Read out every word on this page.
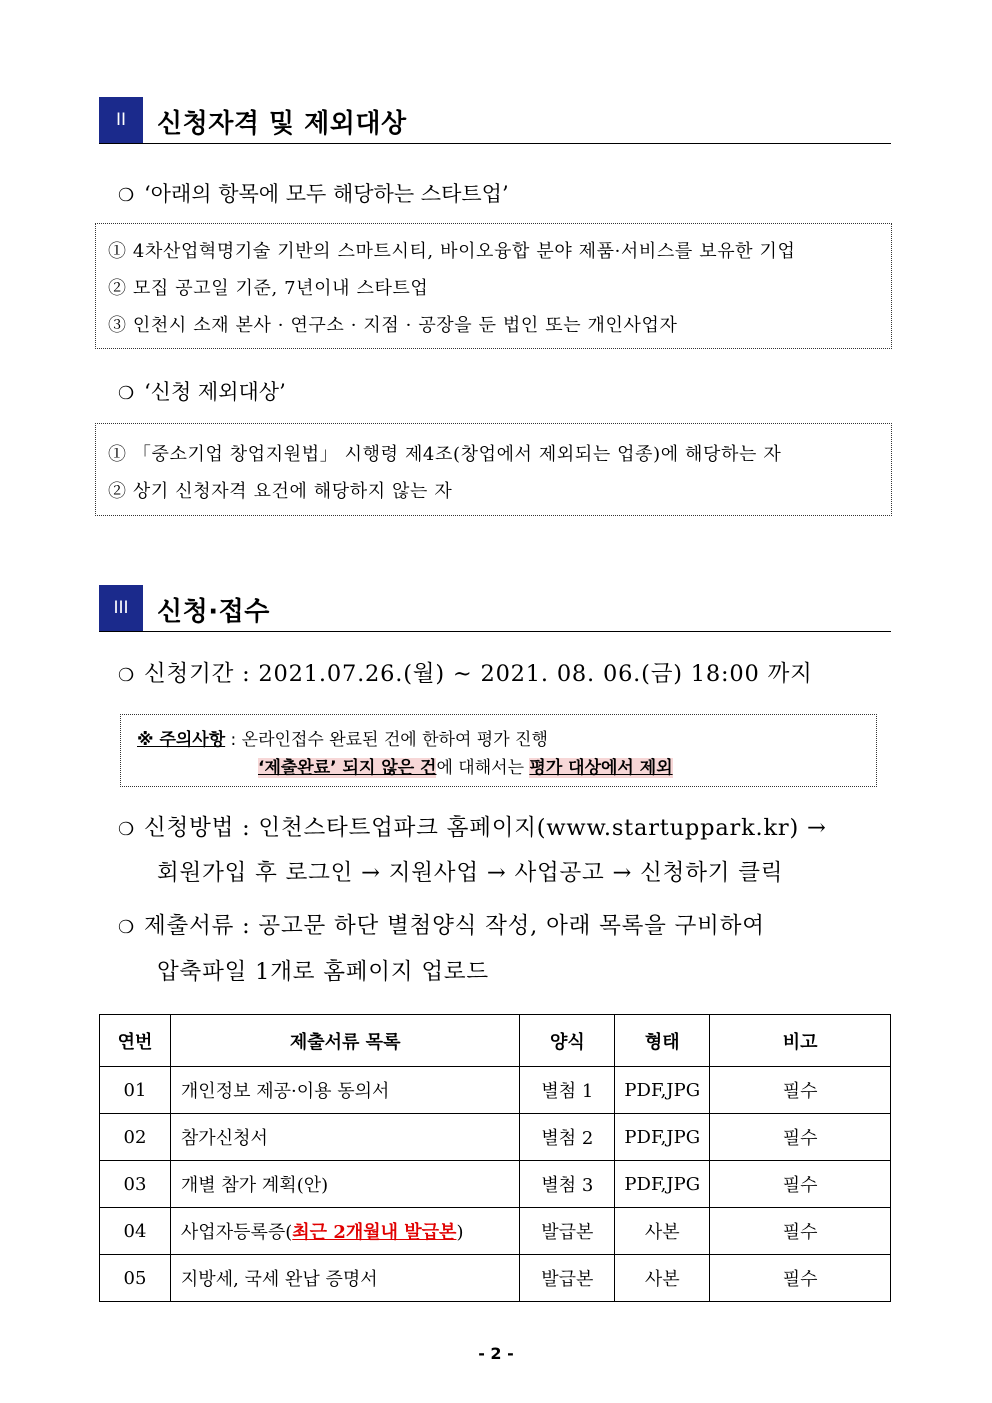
II	신청자격 및 제외대상
❍ ‘아래의 항목에 모두 해당하는 스타트업’
① 4차산업혁명기술 기반의 스마트시티, 바이오융합 분야 제품·서비스를 보유한 기업
② 모집 공고일 기준, 7년이내 스타트업
③ 인천시 소재 본사 · 연구소 · 지점 · 공장을 둔 법인 또는 개인사업자
❍ ‘신청 제외대상’
① 「중소기업 창업지원법」 시행령 제4조(창업에서 제외되는 업종)에 해당하는 자
② 상기 신청자격 요건에 해당하지 않는 자
III	신청·접수
❍ 신청기간 : 2021.07.26.(월) ~ 2021. 08. 06.(금) 18:00 까지
※ 주의사항 : 온라인접수 완료된 건에 한하여 평가 진행
‘제출완료’ 되지 않은 건에 대해서는 평가 대상에서 제외
❍ 신청방법 : 인천스타트업파크 홈페이지(www.startuppark.kr) →
회원가입 후 로그인 → 지원사업 → 사업공고 → 신청하기 클릭
❍ 제출서류 : 공고문 하단 별첨양식 작성, 아래 목록을 구비하여
압축파일 1개로 홈페이지 업로드
연번	제출서류 목록	양식	형태	비고
01	개인정보 제공·이용 동의서	별첨 1	PDF,JPG	필수
02	참가신청서	별첨 2	PDF,JPG	필수
03	개별 참가 계획(안)	별첨 3	PDF,JPG	필수
04	사업자등록증(최근 2개월내 발급본)	발급본	사본	필수
05	지방세, 국세 완납 증명서	발급본	사본	필수
- 2 -
